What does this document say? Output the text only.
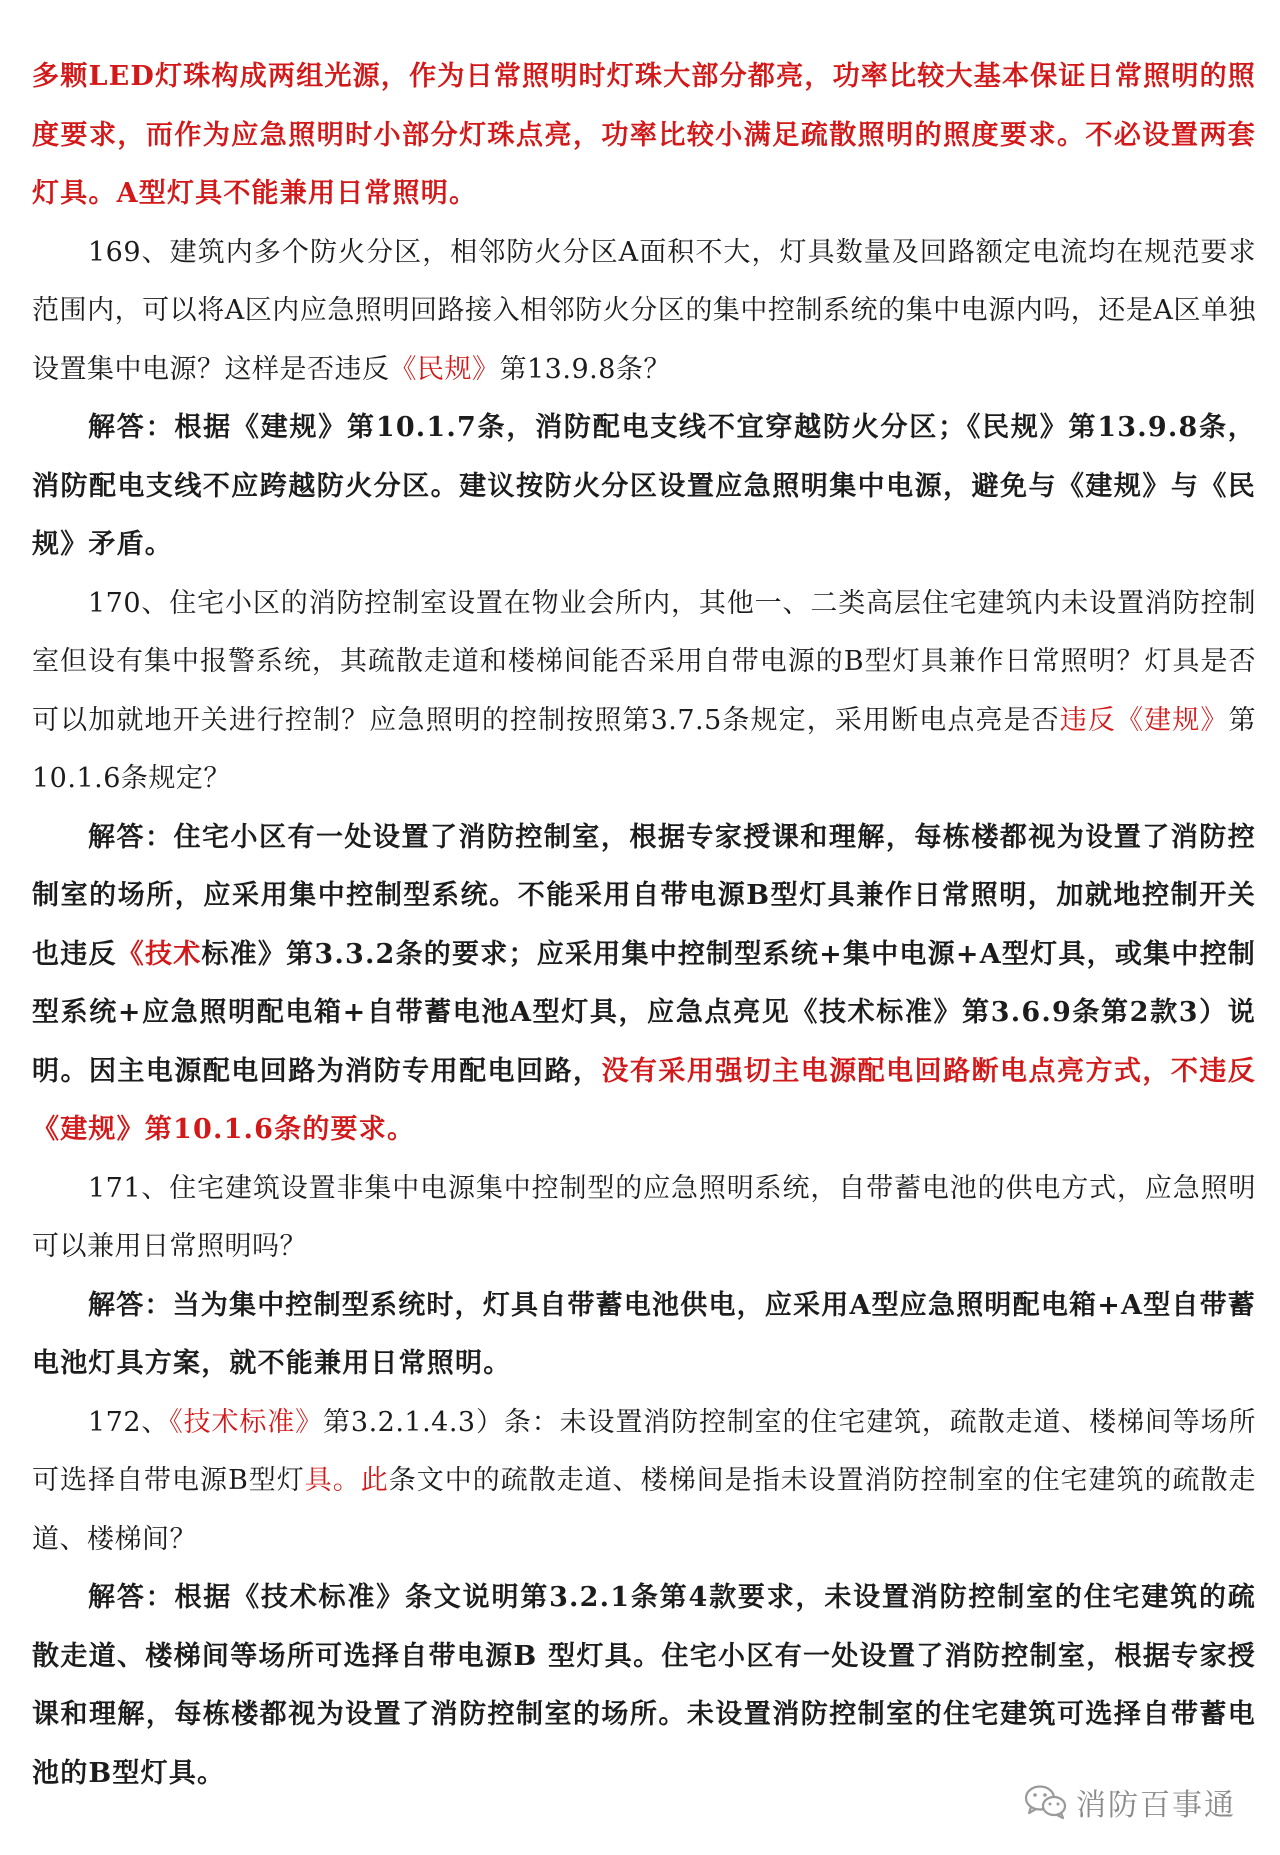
多颗LED灯珠构成两组光源，作为日常照明时灯珠大部分都亮，功率比较大基本保证日常照明的照度要求，而作为应急照明时小部分灯珠点亮，功率比较小满足疏散照明的照度要求。不必设置两套灯具。A型灯具不能兼用日常照明。

169、建筑内多个防火分区，相邻防火分区A面积不大，灯具数量及回路额定电流均在规范要求范围内，可以将A区内应急照明回路接入相邻防火分区的集中控制系统的集中电源内吗，还是A区单独设置集中电源？这样是否违反《民规》第13.9.8条？

解答：根据《建规》第10.1.7条，消防配电支线不宜穿越防火分区；《民规》第13.9.8条，消防配电支线不应跨越防火分区。建议按防火分区设置应急照明集中电源，避免与《建规》与《民规》矛盾。

170、住宅小区的消防控制室设置在物业会所内，其他一、二类高层住宅建筑内未设置消防控制室但设有集中报警系统，其疏散走道和楼梯间能否采用自带电源的B型灯具兼作日常照明？灯具是否可以加就地开关进行控制？应急照明的控制按照第3.7.5条规定，采用断电点亮是否违反《建规》第10.1.6条规定？

解答：住宅小区有一处设置了消防控制室，根据专家授课和理解，每栋楼都视为设置了消防控制室的场所，应采用集中控制型系统。不能采用自带电源B型灯具兼作日常照明，加就地控制开关也违反《技术标准》第3.3.2条的要求；应采用集中控制型系统+集中电源+A型灯具，或集中控制型系统+应急照明配电箱+自带蓄电池A型灯具，应急点亮见《技术标准》第3.6.9条第2款3）说明。因主电源配电回路为消防专用配电回路，没有采用强切主电源配电回路断电点亮方式，不违反《建规》第10.1.6条的要求。

171、住宅建筑设置非集中电源集中控制型的应急照明系统，自带蓄电池的供电方式，应急照明可以兼用日常照明吗？

解答：当为集中控制型系统时，灯具自带蓄电池供电，应采用A型应急照明配电箱+A型自带蓄电池灯具方案，就不能兼用日常照明。

172、《技术标准》第3.2.1.4.3）条：未设置消防控制室的住宅建筑，疏散走道、楼梯间等场所可选择自带电源B型灯具。此条文中的疏散走道、楼梯间是指未设置消防控制室的住宅建筑的疏散走道、楼梯间？

解答：根据《技术标准》条文说明第3.2.1条第4款要求，未设置消防控制室的住宅建筑的疏散走道、楼梯间等场所可选择自带电源B 型灯具。住宅小区有一处设置了消防控制室，根据专家授课和理解，每栋楼都视为设置了消防控制室的场所。未设置消防控制室的住宅建筑可选择自带蓄电池的B型灯具。

消防百事通
